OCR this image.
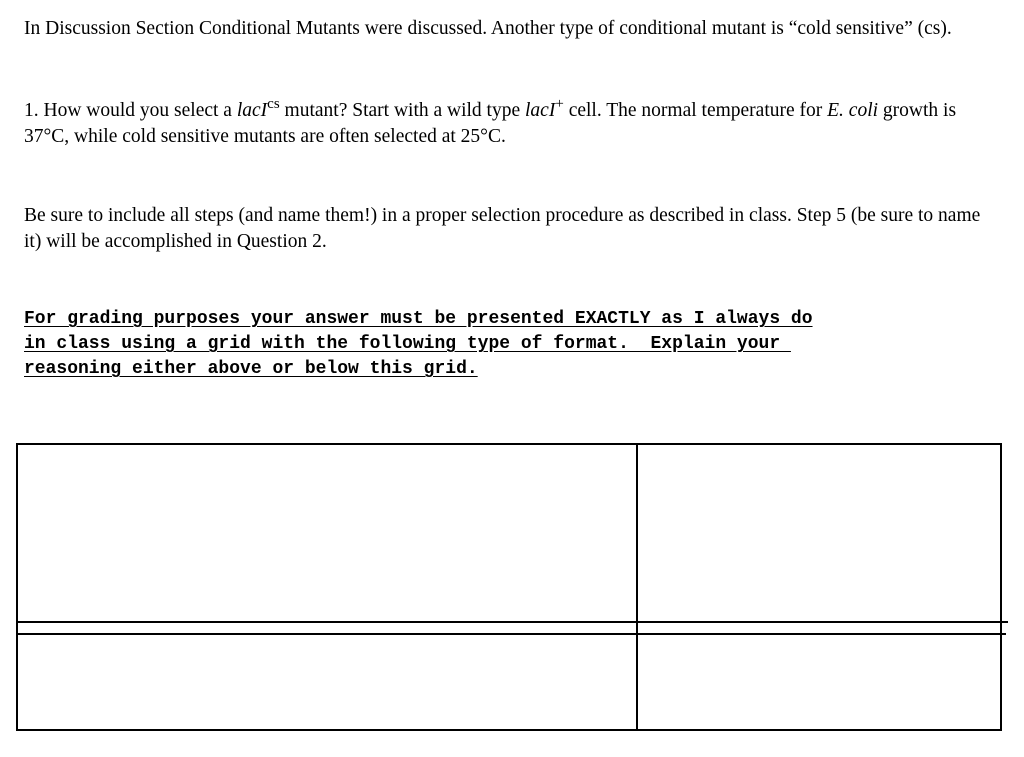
In Discussion Section Conditional Mutants were discussed. Another type of conditional mutant is “cold sensitive” (cs).
1. How would you select a lacI$^{cs}$ mutant? Start with a wild type lacI+ cell. The normal temperature for E. coli growth is 37°C, while cold sensitive mutants are often selected at 25°C.
Be sure to include all steps (and name them!) in a proper selection procedure as described in class. Step 5 (be sure to name it) will be accomplished in Question 2.
For grading purposes your answer must be presented EXACTLY as I always do
in class using a grid with the following type of format.  Explain your
reasoning either above or below this grid.
